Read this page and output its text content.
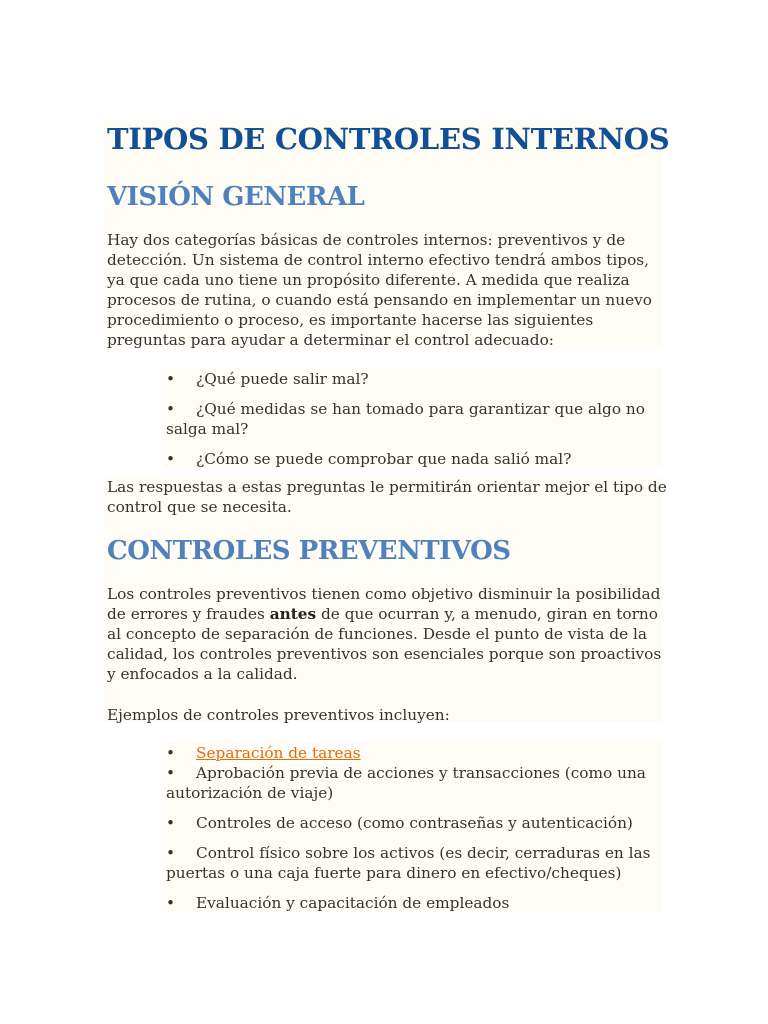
TIPOS DE CONTROLES INTERNOS
VISIÓN GENERAL

Hay dos categorías básicas de controles internos: preventivos y de detección. Un sistema de control interno efectivo tendrá ambos tipos, ya que cada uno tiene un propósito diferente. A medida que realiza procesos de rutina, o cuando está pensando en implementar un nuevo procedimiento o proceso, es importante hacerse las siguientes preguntas para ayudar a determinar el control adecuado:

• ¿Qué puede salir mal?
• ¿Qué medidas se han tomado para garantizar que algo no salga mal?
• ¿Cómo se puede comprobar que nada salió mal?

Las respuestas a estas preguntas le permitirán orientar mejor el tipo de control que se necesita.

CONTROLES PREVENTIVOS

Los controles preventivos tienen como objetivo disminuir la posibilidad de errores y fraudes antes de que ocurran y, a menudo, giran en torno al concepto de separación de funciones. Desde el punto de vista de la calidad, los controles preventivos son esenciales porque son proactivos y enfocados a la calidad.

Ejemplos de controles preventivos incluyen:

• Separación de tareas
• Aprobación previa de acciones y transacciones (como una autorización de viaje)
• Controles de acceso (como contraseñas y autenticación)
• Control físico sobre los activos (es decir, cerraduras en las puertas o una caja fuerte para dinero en efectivo/cheques)
• Evaluación y capacitación de empleados
